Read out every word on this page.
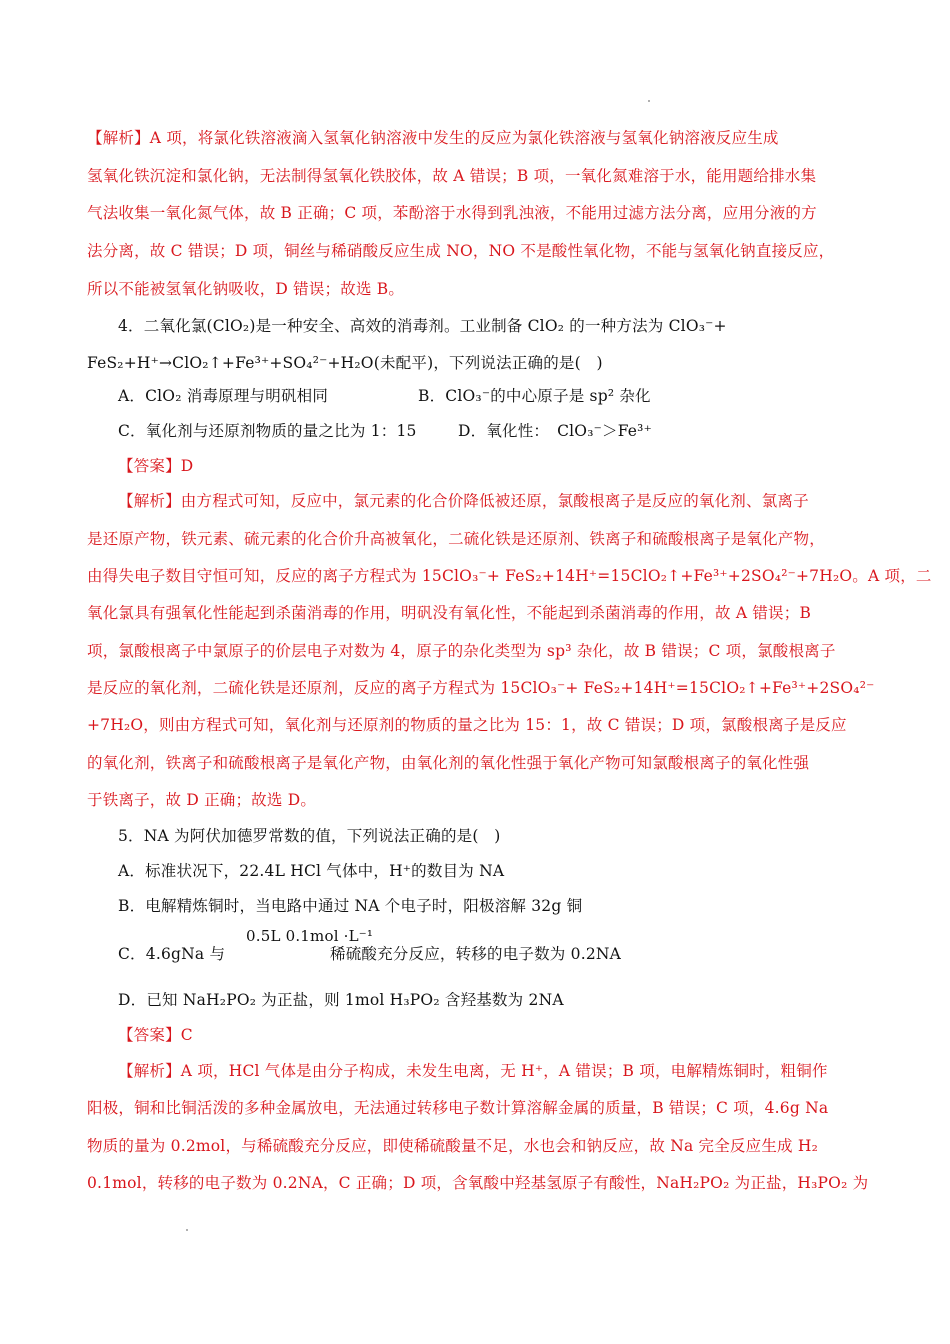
【解析】A 项，将氯化铁溶液滴入氢氧化钠溶液中发生的反应为氯化铁溶液与氢氧化钠溶液反应生成
氢氧化铁沉淀和氯化钠，无法制得氢氧化铁胶体，故 A 错误；B 项，一氧化氮难溶于水，能用题给排水集
气法收集一氧化氮气体，故 B 正确；C 项，苯酚溶于水得到乳浊液，不能用过滤方法分离，应用分液的方
法分离，故 C 错误；D 项，铜丝与稀硝酸反应生成 NO，NO 不是酸性氧化物，不能与氢氧化钠直接反应，
所以不能被氢氧化钠吸收，D 错误；故选 B。
4．二氧化氯(ClO₂)是一种安全、高效的消毒剂。工业制备 ClO₂ 的一种方法为 ClO₃⁻+
FeS₂+H⁺→ClO₂↑+Fe³⁺+SO₄²⁻+H₂O(未配平)，下列说法正确的是(　)
A．ClO₂ 消毒原理与明矾相同	B．ClO₃⁻的中心原子是 sp² 杂化
C．氧化剂与还原剂物质的量之比为 1：15	D．氧化性：　ClO₃⁻＞Fe³⁺
【答案】D
【解析】由方程式可知，反应中，氯元素的化合价降低被还原，氯酸根离子是反应的氧化剂、氯离子
是还原产物，铁元素、硫元素的化合价升高被氧化，二硫化铁是还原剂、铁离子和硫酸根离子是氧化产物，
由得失电子数目守恒可知，反应的离子方程式为 15ClO₃⁻+ FeS₂+14H⁺=15ClO₂↑+Fe³⁺+2SO₄²⁻+7H₂O。A 项，二
氧化氯具有强氧化性能起到杀菌消毒的作用，明矾没有氧化性，不能起到杀菌消毒的作用，故 A 错误；B
项，氯酸根离子中氯原子的价层电子对数为 4，原子的杂化类型为 sp³ 杂化，故 B 错误；C 项，氯酸根离子
是反应的氧化剂，二硫化铁是还原剂，反应的离子方程式为 15ClO₃⁻+ FeS₂+14H⁺=15ClO₂↑+Fe³⁺+2SO₄²⁻
+7H₂O，则由方程式可知，氧化剂与还原剂的物质的量之比为 15：1，故 C 错误；D 项，氯酸根离子是反应
的氧化剂，铁离子和硫酸根离子是氧化产物，由氧化剂的氧化性强于氧化产物可知氯酸根离子的氧化性强
于铁离子，故 D 正确；故选 D。
5．NA 为阿伏加德罗常数的值，下列说法正确的是(　)
A．标准状况下，22.4L HCl 气体中，H⁺的数目为 NA
B．电解精炼铜时，当电路中通过 NA 个电子时，阳极溶解 32g 铜
C．4.6gNa 与
0.5L 0.1mol ·L⁻¹
稀硫酸充分反应，转移的电子数为 0.2NA
D．已知 NaH₂PO₂ 为正盐，则 1mol H₃PO₂ 含羟基数为 2NA
【答案】C
【解析】A 项，HCl 气体是由分子构成，未发生电离，无 H⁺，A 错误；B 项，电解精炼铜时，粗铜作
阳极，铜和比铜活泼的多种金属放电，无法通过转移电子数计算溶解金属的质量，B 错误；C 项，4.6g Na
物质的量为 0.2mol，与稀硫酸充分反应，即使稀硫酸量不足，水也会和钠反应，故 Na 完全反应生成 H₂
0.1mol，转移的电子数为 0.2NA，C 正确；D 项，含氧酸中羟基氢原子有酸性，NaH₂PO₂ 为正盐，H₃PO₂ 为
